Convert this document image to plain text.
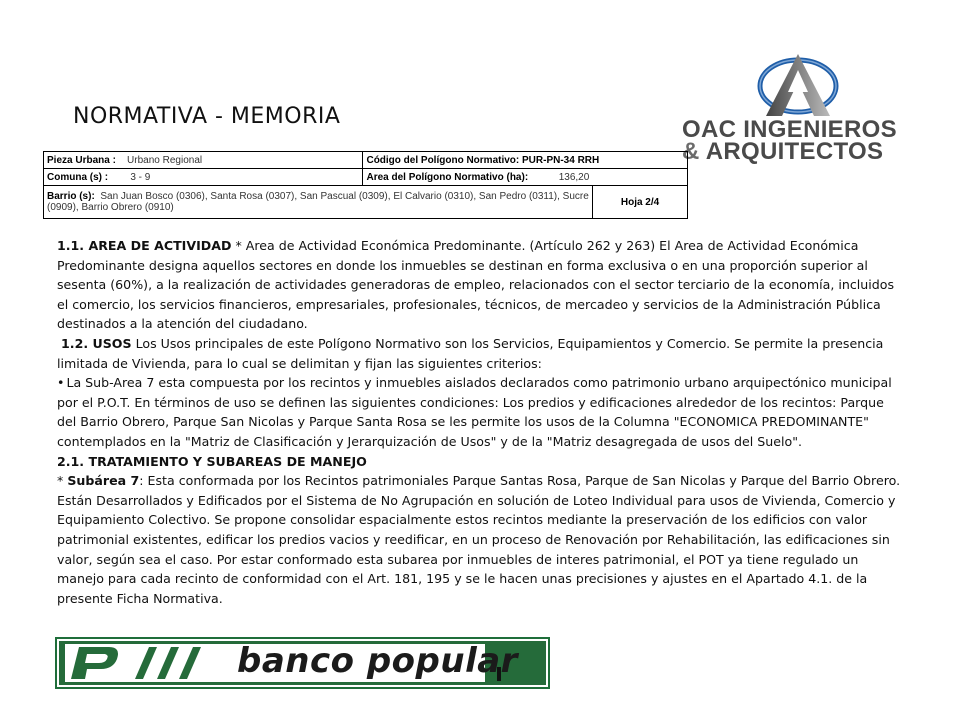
NORMATIVA - MEMORIA	OAC INGENIEROS
& ARQUITECTOS
Pieza Urbana : Urbano Regional	Código del Polígono Normativo: PUR-PN-34 RRH	
Comuna (s) : 3 - 9	Area del Polígono Normativo (ha): 136,20	
Barrio (s): San Juan Bosco (0306), Santa Rosa (0307), San Pascual (0309), El Calvario (0310), San Pedro (0311), Sucre (0909), Barrio Obrero (0910)		Hoja 2/4

1.1. AREA DE ACTIVIDAD * Area de Actividad Económica Predominante. (Artículo 262 y 263) El Area de Actividad Económica Predominante designa aquellos sectores en donde los inmuebles se destinan en forma exclusiva o en una proporción superior al sesenta (60%), a la realización de actividades generadoras de empleo, relacionados con el sector terciario de la economía, incluidos el comercio, los servicios financieros, empresariales, profesionales, técnicos, de mercadeo y servicios de la Administración Pública destinados a la atención del ciudadano.

1.2. USOS Los Usos principales de este Polígono Normativo son los Servicios, Equipamientos y Comercio. Se permite la presencia limitada de Vivienda, para lo cual se delimitan y fijan las siguientes criterios:

• La Sub-Area 7 esta compuesta por los recintos y inmuebles aislados declarados como patrimonio urbano arquipectónico municipal por el P.O.T. En términos de uso se definen las siguientes condiciones: Los predios y edificaciones alrededor de los recintos: Parque del Barrio Obrero, Parque San Nicolas y Parque Santa Rosa se les permite los usos de la Columna "ECONOMICA PREDOMINANTE" contemplados en la "Matriz de Clasificación y Jerarquización de Usos" y de la "Matriz desagregada de usos del Suelo".

2.1. TRATAMIENTO Y SUBAREAS DE MANEJO

* Subárea 7: Esta conformada por los Recintos patrimoniales Parque Santas Rosa, Parque de San Nicolas y Parque del Barrio Obrero. Están Desarrollados y Edificados por el Sistema de No Agrupación en solución de Loteo Individual para usos de Vivienda, Comercio y Equipamiento Colectivo. Se propone consolidar espacialmente estos recintos mediante la preservación de los edificios con valor patrimonial existentes, edificar los predios vacios y reedificar, en un proceso de Renovación por Rehabilitación, las edificaciones sin valor, según sea el caso. Por estar conformado esta subarea por inmuebles de interes patrimonial, el POT ya tiene regulado un manejo para cada recinto de conformidad con el Art. 181, 195 y se le hacen unas precisiones y ajustes en el Apartado 4.1. de la presente Ficha Normativa.

banco popular
